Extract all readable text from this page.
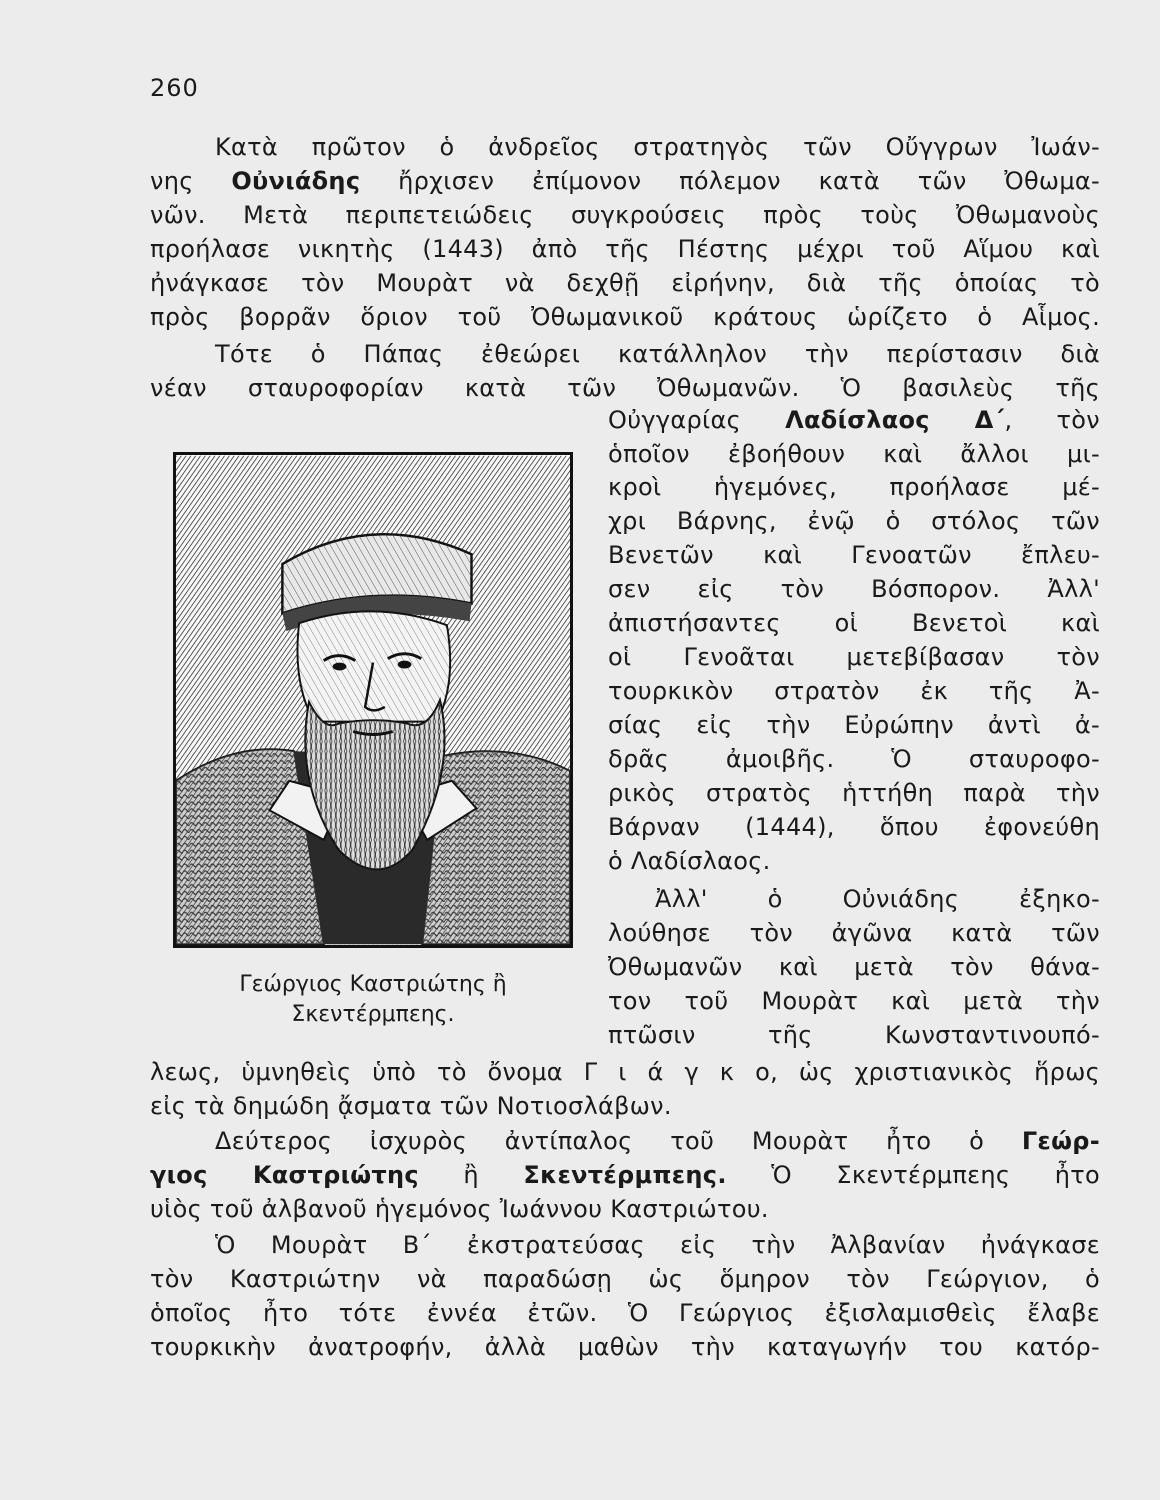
260
Κατὰ πρῶτον ὁ ἀνδρεῖος στρατηγὸς τῶν Οὔγγρων Ἰωάν-
νης Οὐνιάδης ἤρχισεν ἐπίμονον πόλεμον κατὰ τῶν Ὀθωμα-
νῶν. Μετὰ περιπετειώδεις συγκρούσεις πρὸς τοὺς Ὀθωμανοὺς
προήλασε νικητὴς (1443) ἀπὸ τῆς Πέστης μέχρι τοῦ Αἵμου καὶ
ἠνάγκασε τὸν Μουρὰτ νὰ δεχθῇ εἰρήνην, διὰ τῆς ὁποίας τὸ
πρὸς βορρᾶν ὅριον τοῦ Ὀθωμανικοῦ κράτους ὡρίζετο ὁ Αἷμος.
Τότε ὁ Πάπας ἐθεώρει κατάλληλον τὴν περίστασιν διὰ
νέαν σταυροφορίαν κατὰ τῶν Ὀθωμανῶν. Ὁ βασιλεὺς τῆς
Οὐγγαρίας Λαδίσλαος Δ΄, τὸν
ὁποῖον ἐβοήθουν καὶ ἄλλοι μι-
κροὶ ἡγεμόνες, προήλασε μέ-
χρι Βάρνης, ἐνῷ ὁ στόλος τῶν
Βενετῶν καὶ Γενοατῶν ἔπλευ-
σεν εἰς τὸν Βόσπορον. Ἀλλ'
ἀπιστήσαντες οἱ Βενετοὶ καὶ
οἱ Γενοᾶται μετεβίβασαν τὸν
τουρκικὸν στρατὸν ἐκ τῆς Ἀ-
σίας εἰς τὴν Εὐρώπην ἀντὶ ἀ-
δρᾶς ἀμοιβῆς. Ὁ σταυροφο-
ρικὸς στρατὸς ἡττήθη παρὰ τὴν
Βάρναν (1444), ὅπου ἐφονεύθη
ὁ Λαδίσλαος.
Ἀλλ' ὁ Οὐνιάδης ἐξηκο-
λούθησε τὸν ἀγῶνα κατὰ τῶν
Ὀθωμανῶν καὶ μετὰ τὸν θάνα-
τον τοῦ Μουρὰτ καὶ μετὰ τὴν
πτῶσιν τῆς Κωνσταντινουπό-
λεως, ὑμνηθεὶς ὑπὸ τὸ ὄνομα Γ ι ά γ κ ο, ὡς χριστιανικὸς ἥρως
εἰς τὰ δημώδη ᾄσματα τῶν Νοτιοσλάβων.
Δεύτερος ἰσχυρὸς ἀντίπαλος τοῦ Μουρὰτ ἦτο ὁ Γεώρ-
γιος Καστριώτης ἢ Σκεντέρμπεης. Ὁ Σκεντέρμπεης ἦτο
υἱὸς τοῦ ἀλβανοῦ ἡγεμόνος Ἰωάννου Καστριώτου.
Ὁ Μουρὰτ Β΄ ἐκστρατεύσας εἰς τὴν Ἀλβανίαν ἠνάγκασε
τὸν Καστριώτην νὰ παραδώσῃ ὡς ὅμηρον τὸν Γεώργιον, ὁ
ὁποῖος ἦτο τότε ἐννέα ἐτῶν. Ὁ Γεώργιος ἐξισλαμισθεὶς ἔλαβε
τουρκικὴν ἀνατροφήν, ἀλλὰ μαθὼν τὴν καταγωγήν του κατόρ-
Γεώργιος Καστριώτης ἢ
Σκεντέρμπεης.
